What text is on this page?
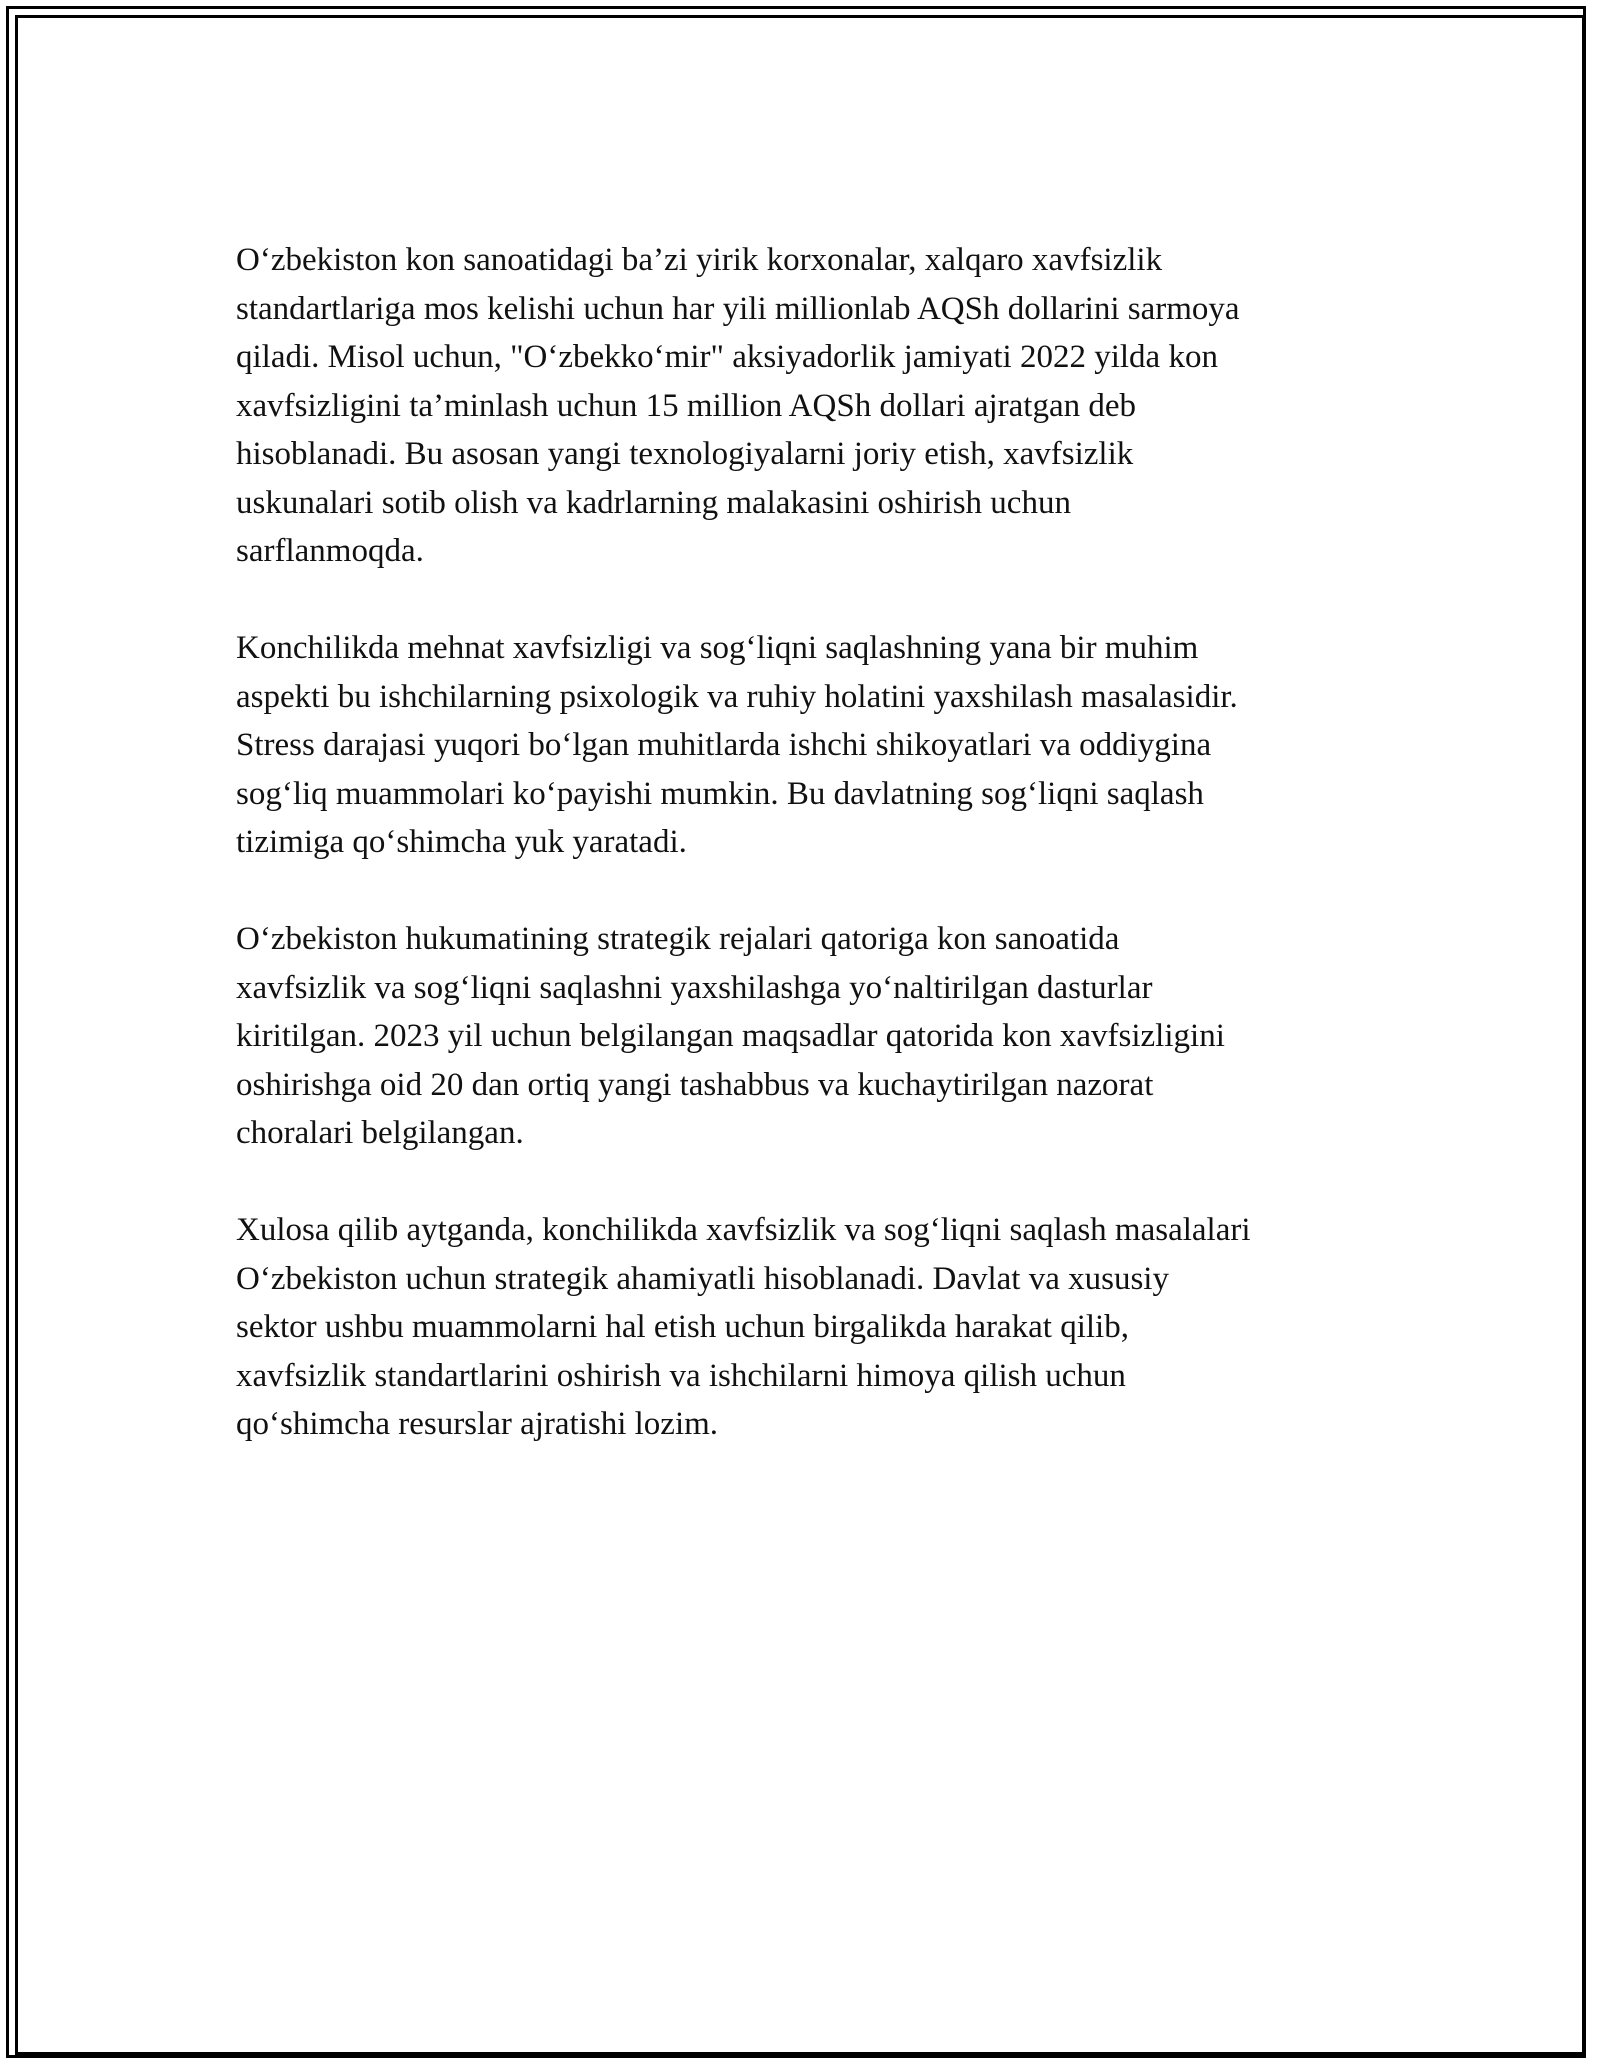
O‘zbekiston kon sanoatidagi ba’zi yirik korxonalar, xalqaro xavfsizlik
standartlariga mos kelishi uchun har yili millionlab AQSh dollarini sarmoya
qiladi. Misol uchun, "O‘zbekko‘mir" aksiyadorlik jamiyati 2022 yilda kon
xavfsizligini ta’minlash uchun 15 million AQSh dollari ajratgan deb
hisoblanadi. Bu asosan yangi texnologiyalarni joriy etish, xavfsizlik
uskunalari sotib olish va kadrlarning malakasini oshirish uchun
sarflanmoqda.

Konchilikda mehnat xavfsizligi va sog‘liqni saqlashning yana bir muhim
aspekti bu ishchilarning psixologik va ruhiy holatini yaxshilash masalasidir.
Stress darajasi yuqori bo‘lgan muhitlarda ishchi shikoyatlari va oddiygina
sog‘liq muammolari ko‘payishi mumkin. Bu davlatning sog‘liqni saqlash
tizimiga qo‘shimcha yuk yaratadi.

O‘zbekiston hukumatining strategik rejalari qatoriga kon sanoatida
xavfsizlik va sog‘liqni saqlashni yaxshilashga yo‘naltirilgan dasturlar
kiritilgan. 2023 yil uchun belgilangan maqsadlar qatorida kon xavfsizligini
oshirishga oid 20 dan ortiq yangi tashabbus va kuchaytirilgan nazorat
choralari belgilangan.

Xulosa qilib aytganda, konchilikda xavfsizlik va sog‘liqni saqlash masalalari
O‘zbekiston uchun strategik ahamiyatli hisoblanadi. Davlat va xususiy
sektor ushbu muammolarni hal etish uchun birgalikda harakat qilib,
xavfsizlik standartlarini oshirish va ishchilarni himoya qilish uchun
qo‘shimcha resurslar ajratishi lozim.
